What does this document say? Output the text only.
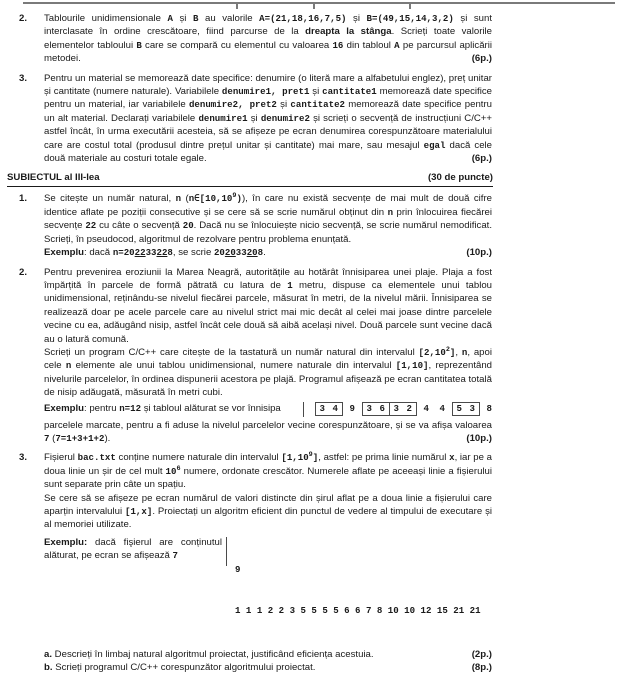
2.	Tablourile unidimensionale A și B au valorile A=(21,18,16,7,5) și B=(49,15,14,3,2) și sunt interclasate în ordine crescătoare, fiind parcurse de la dreapta la stânga. Scrieți toate valorile elementelor tabloului B care se compară cu elementul cu valoarea 16 din tabloul A pe parcursul aplicării metodei.	(6p.)

3.	Pentru un material se memorează date specifice: denumire (o literă mare a alfabetului englez), preț unitar și cantitate (numere naturale). Variabilele denumire1, pret1 și cantitate1 memorează date specifice pentru un material, iar variabilele denumire2, pret2 și cantitate2 memorează date specifice pentru un alt material. Declarați variabilele denumire1 și denumire2 și scrieți o secvență de instrucțiuni C/C++ astfel încât, în urma executării acesteia, să se afișeze pe ecran denumirea corespunzătoare materialului care are costul total (produsul dintre prețul unitar și cantitate) mai mare, sau mesajul egal dacă cele două materiale au costuri totale egale.	(6p.)

SUBIECTUL al III-lea	(30 de puncte)
1.	Se citește un număr natural, n (n∈[10,10$^9$)), în care nu există secvențe de mai mult de două cifre identice aflate pe poziții consecutive și se cere să se scrie numărul obținut din n prin înlocuirea fiecărei secvențe 22 cu câte o secvență 20. Dacă nu se înlocuiește nicio secvență, se scrie numărul nemodificat. Scrieți, în pseudocod, algoritmul de rezolvare pentru problema enunțată.

Exemplu: dacă n=202233228, se scrie 202033208.	(10p.)

2.	Pentru prevenirea eroziunii la Marea Neagră, autoritățile au hotărât înnisiparea unei plaje. Plaja a fost împărțită în parcele de formă pătrată cu latura de 1 metru, dispuse ca elementele unui tablou unidimensional, reținându-se nivelul fiecărei parcele, măsurat în metri, de la nivelul mării. Înnisiparea se realizează doar pe acele parcele care au nivelul strict mai mic decât al celei mai joase dintre parcelele vecine cu ea, adăugând nisip, astfel încât cele două să aibă același nivel. Două parcele sunt vecine dacă au o latură comună.

Scrieți un program C/C++ care citește de la tastatură un număr natural din intervalul [2,10$^2$], n, apoi cele n elemente ale unui tablou unidimensional, numere naturale din intervalul [1,10], reprezentând nivelurile parcelelor, în ordinea dispunerii acestora pe plajă. Programul afișează pe ecran cantitatea totală de nisip adăugată, măsurată în metri cubi.

Exemplu: pentru n=12 și tabloul alăturat se vor înnisipa	3 4	9	3 6 3 2	4	4	5 3	8

parcelele marcate, pentru a fi aduse la nivelul parcelelor vecine corespunzătoare, și se va afișa valoarea 7 (7=1+3+1+2).	(10p.)

3.	Fișierul bac.txt conține numere naturale din intervalul [1,10$^9$], astfel: pe prima linie numărul x, iar pe a doua linie un șir de cel mult $10^6$ numere, ordonate crescător. Numerele aflate pe aceeași linie a fișierului sunt separate prin câte un spațiu.

Se cere să se afișeze pe ecran numărul de valori distincte din șirul aflat pe a doua linie a fișierului care aparțin intervalului [1,x]. Proiectați un algoritm eficient din punctul de vedere al timpului de executare și al memoriei utilizate.

Exemplu: dacă fişierul are conținutul alăturat, pe ecran se afișează 7

9

1 1 1 2 2 3 5 5 5 5 6 6 7 8 10 10 12 15 21 21

a. Descrieți în limbaj natural algoritmul proiectat, justificând eficiența acestuia.	(2p.)

b. Scrieți programul C/C++ corespunzător algoritmului proiectat.	(8p.)
